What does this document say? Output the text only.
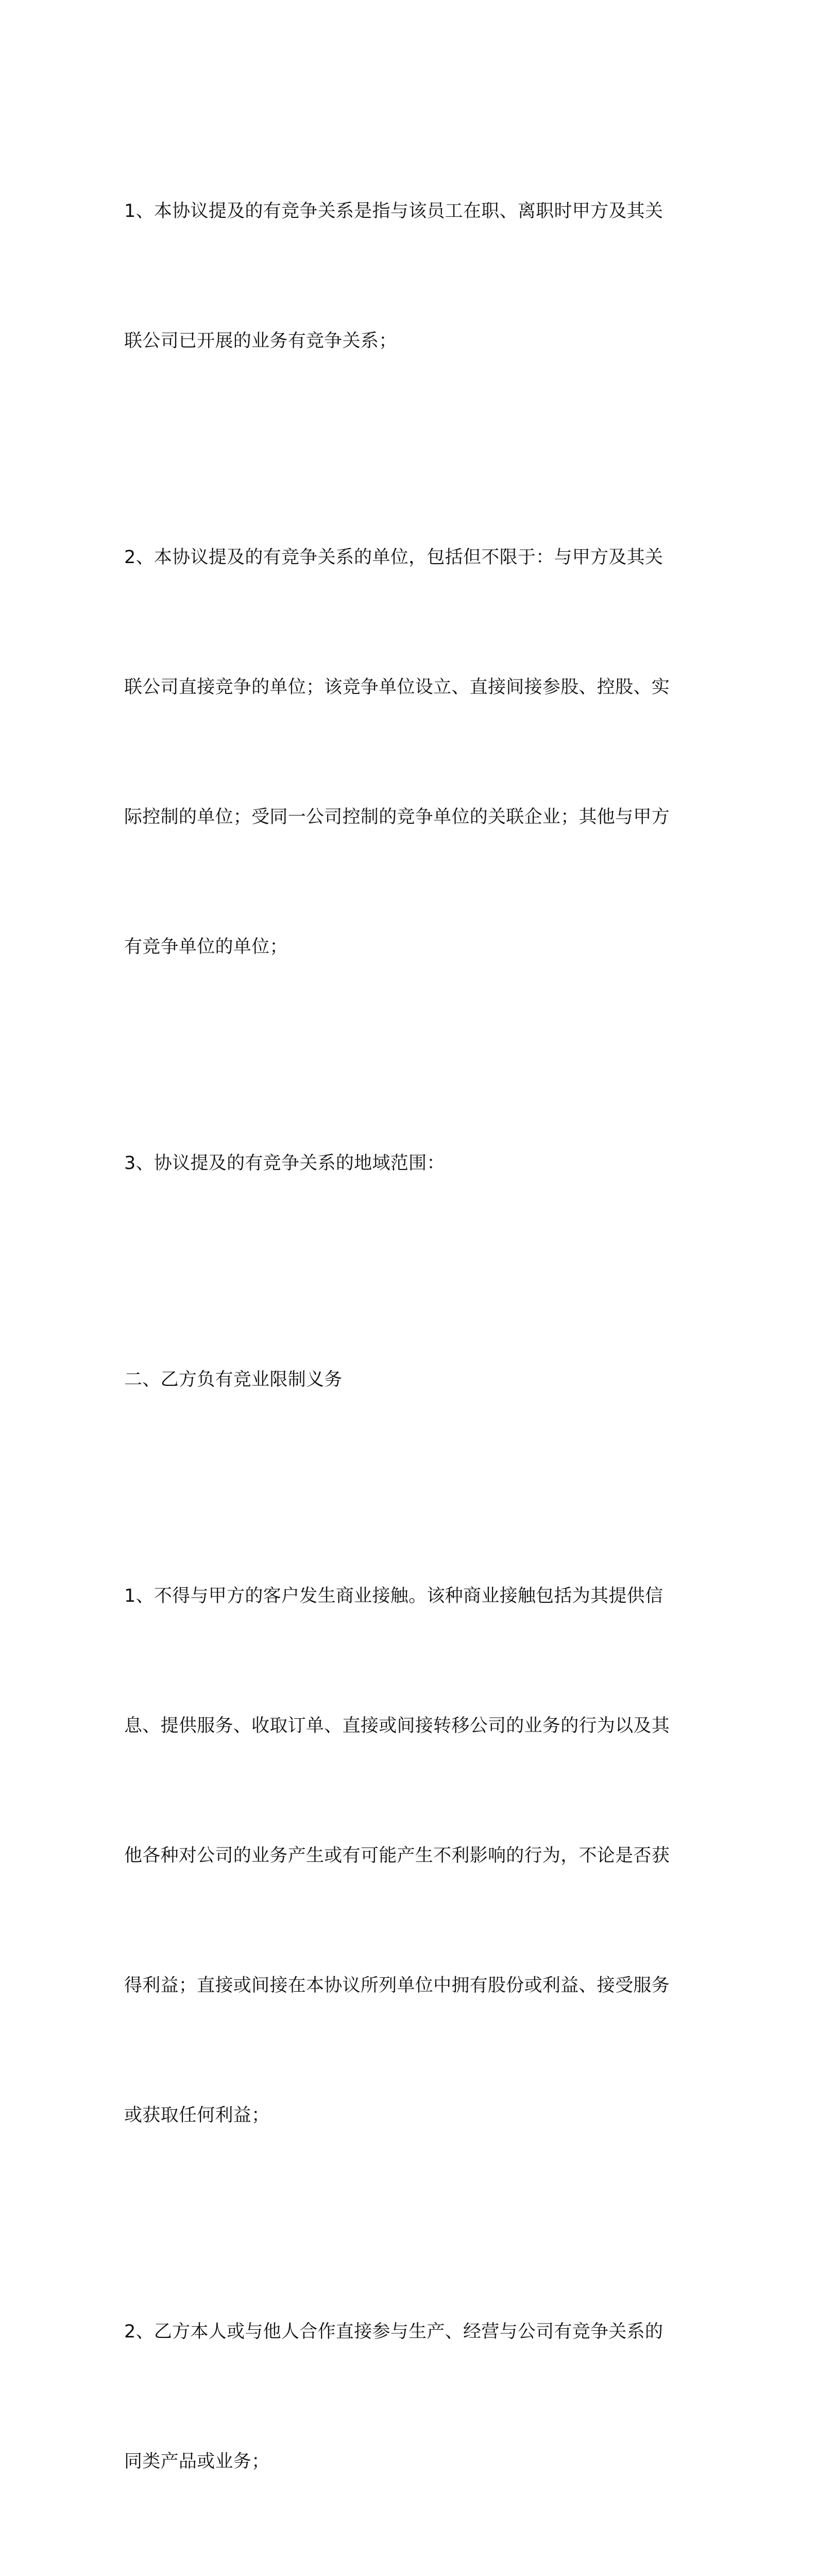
1、本协议提及的有竞争关系是指与该员工在职、离职时甲方及其关

联公司已开展的业务有竞争关系；

2、本协议提及的有竞争关系的单位，包括但不限于：与甲方及其关

联公司直接竞争的单位；该竞争单位设立、直接间接参股、控股、实

际控制的单位；受同一公司控制的竞争单位的关联企业；其他与甲方

有竞争单位的单位；

3、协议提及的有竞争关系的地域范围：

二、乙方负有竞业限制义务

1、不得与甲方的客户发生商业接触。该种商业接触包括为其提供信

息、提供服务、收取订单、直接或间接转移公司的业务的行为以及其

他各种对公司的业务产生或有可能产生不利影响的行为，不论是否获

得利益；直接或间接在本协议所列单位中拥有股份或利益、接受服务

或获取任何利益；

2、乙方本人或与他人合作直接参与生产、经营与公司有竞争关系的

同类产品或业务；
